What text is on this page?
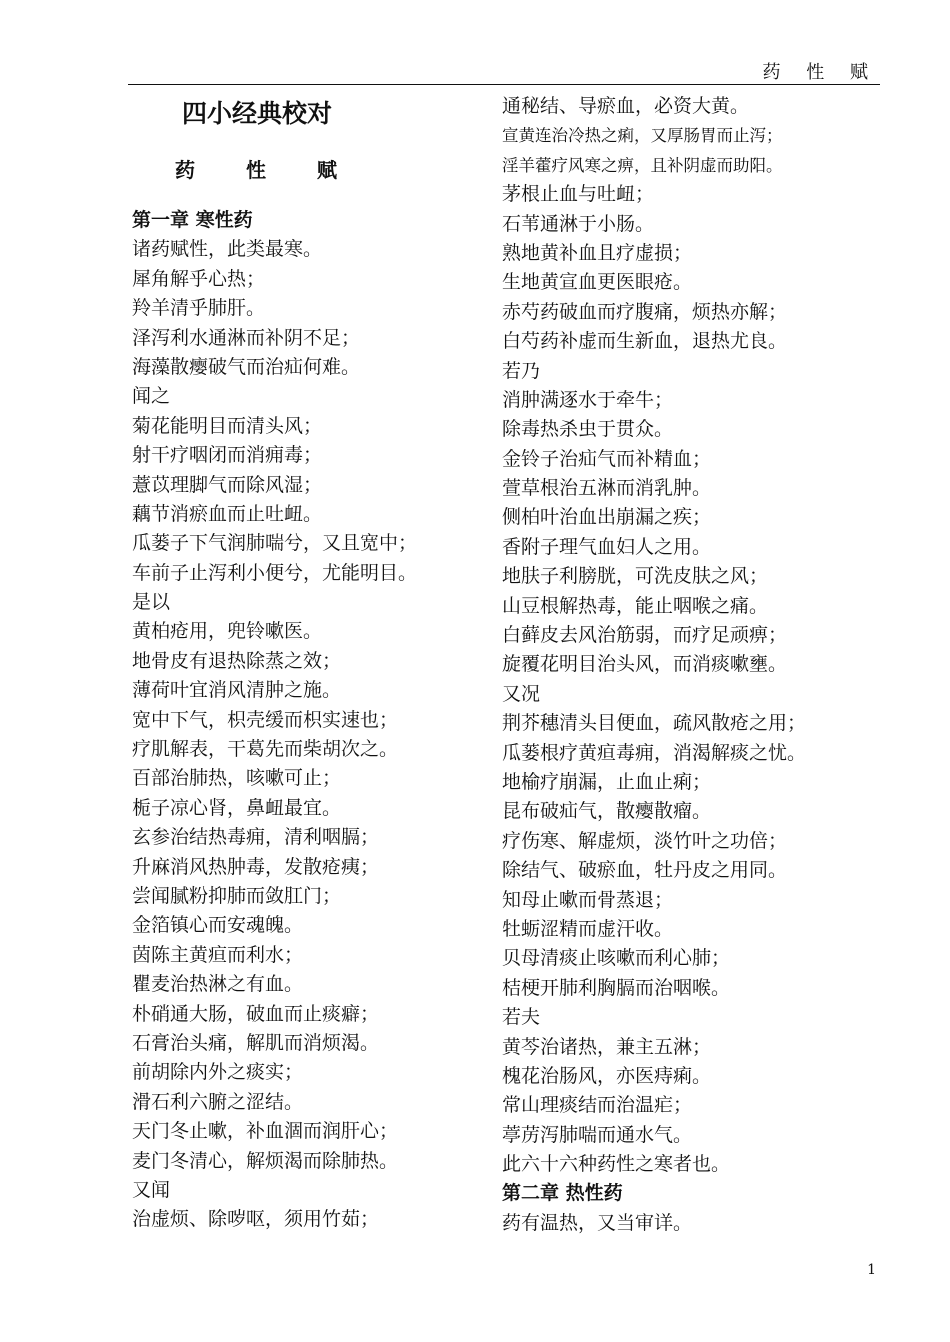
药 性 赋
四小经典校对
药 性 赋
第一章 寒性药
诸药赋性，此类最寒。
犀角解乎心热；
羚羊清乎肺肝。
泽泻利水通淋而补阴不足；
海藻散瘿破气而治疝何难。
闻之
菊花能明目而清头风；
射干疗咽闭而消痈毒；
薏苡理脚气而除风湿；
藕节消瘀血而止吐衄。
瓜蒌子下气润肺喘兮，又且宽中；
车前子止泻利小便兮，尤能明目。
是以
黄柏疮用，兜铃嗽医。
地骨皮有退热除蒸之效；
薄荷叶宜消风清肿之施。
宽中下气，枳壳缓而枳实速也；
疗肌解表，干葛先而柴胡次之。
百部治肺热，咳嗽可止；
栀子凉心肾，鼻衄最宜。
玄参治结热毒痈，清利咽膈；
升麻消风热肿毒，发散疮痍；
尝闻腻粉抑肺而敛肛门；
金箔镇心而安魂魄。
茵陈主黄疸而利水；
瞿麦治热淋之有血。
朴硝通大肠，破血而止痰癖；
石膏治头痛，解肌而消烦渴。
前胡除内外之痰实；
滑石利六腑之涩结。
天门冬止嗽，补血涸而润肝心；
麦门冬清心，解烦渴而除肺热。
又闻
治虚烦、除哕呕，须用竹茹；
通秘结、导瘀血，必资大黄。
宣黄连治冷热之痢，又厚肠胃而止泻；
淫羊藿疗风寒之痹，且补阴虚而助阳。
茅根止血与吐衄；
石苇通淋于小肠。
熟地黄补血且疗虚损；
生地黄宣血更医眼疮。
赤芍药破血而疗腹痛，烦热亦解；
白芍药补虚而生新血，退热尤良。
若乃
消肿满逐水于牵牛；
除毒热杀虫于贯众。
金铃子治疝气而补精血；
萱草根治五淋而消乳肿。
侧柏叶治血出崩漏之疾；
香附子理气血妇人之用。
地肤子利膀胱，可洗皮肤之风；
山豆根解热毒，能止咽喉之痛。
白藓皮去风治筋弱，而疗足顽痹；
旋覆花明目治头风，而消痰嗽壅。
又况
荆芥穗清头目便血，疏风散疮之用；
瓜蒌根疗黄疸毒痈，消渴解痰之忧。
地榆疗崩漏，止血止痢；
昆布破疝气，散瘿散瘤。
疗伤寒、解虚烦，淡竹叶之功倍；
除结气、破瘀血，牡丹皮之用同。
知母止嗽而骨蒸退；
牡蛎涩精而虚汗收。
贝母清痰止咳嗽而利心肺；
桔梗开肺利胸膈而治咽喉。
若夫
黄芩治诸热，兼主五淋；
槐花治肠风，亦医痔痢。
常山理痰结而治温疟；
葶苈泻肺喘而通水气。
此六十六种药性之寒者也。
第二章 热性药
药有温热，又当审详。
1
